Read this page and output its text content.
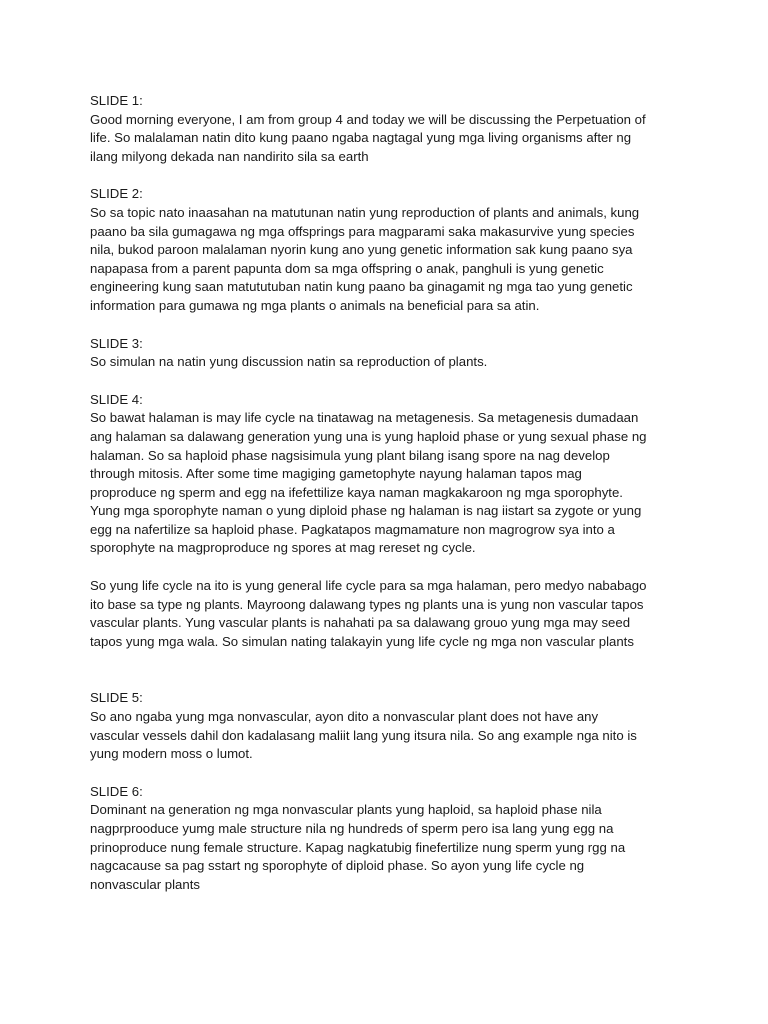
SLIDE 1:

Good morning everyone, I am from group 4 and today we will be discussing the Perpetuation of
life. So malalaman natin dito kung paano ngaba nagtagal yung mga living organisms after ng
ilang milyong dekada nan nandirito sila sa earth

SLIDE 2:

So sa topic nato inaasahan na matutunan natin yung reproduction of plants and animals, kung
paano ba sila gumagawa ng mga offsprings para magparami saka makasurvive yung species
nila, bukod paroon malalaman nyorin kung ano yung genetic information sak kung paano sya
napapasa from a parent papunta dom sa mga offspring o anak, panghuli is yung genetic
engineering kung saan matututuban natin kung paano ba ginagamit ng mga tao yung genetic
information para gumawa ng mga plants o animals na beneficial para sa atin.

SLIDE 3:

So simulan na natin yung discussion natin sa reproduction of plants.

SLIDE 4:

So bawat halaman is may life cycle na tinatawag na metagenesis. Sa metagenesis dumadaan
ang halaman sa dalawang generation yung una is yung haploid phase or yung sexual phase ng
halaman. So sa haploid phase nagsisimula yung plant bilang isang spore na nag develop
through mitosis. After some time magiging gametophyte nayung halaman tapos mag
proproduce ng sperm and egg na ifefettilize kaya naman magkakaroon ng mga sporophyte.
Yung mga sporophyte naman o yung diploid phase ng halaman is nag iistart sa zygote or yung
egg na nafertilize sa haploid phase. Pagkatapos magmamature non magrogrow sya into a
sporophyte na magproproduce ng spores at mag rereset ng cycle.

So yung life cycle na ito is yung general life cycle para sa mga halaman, pero medyo nababago
ito base sa type ng plants. Mayroong dalawang types ng plants una is yung non vascular tapos
vascular plants. Yung vascular plants is nahahati pa sa dalawang grouo yung mga may seed
tapos yung mga wala. So simulan nating talakayin yung life cycle ng mga non vascular plants

SLIDE 5:

So ano ngaba yung mga nonvascular, ayon dito a nonvascular plant does not have any
vascular vessels dahil don kadalasang maliit lang yung itsura nila. So ang example nga nito is
yung modern moss o lumot.

SLIDE 6:

Dominant na generation ng mga nonvascular plants yung haploid, sa haploid phase nila
nagprprooduce yumg male structure nila ng hundreds of sperm pero isa lang yung egg na
prinoproduce nung female structure. Kapag nagkatubig finefertilize nung sperm yung rgg na
nagcacause sa pag sstart ng sporophyte of diploid phase. So ayon yung life cycle ng
nonvascular plants
